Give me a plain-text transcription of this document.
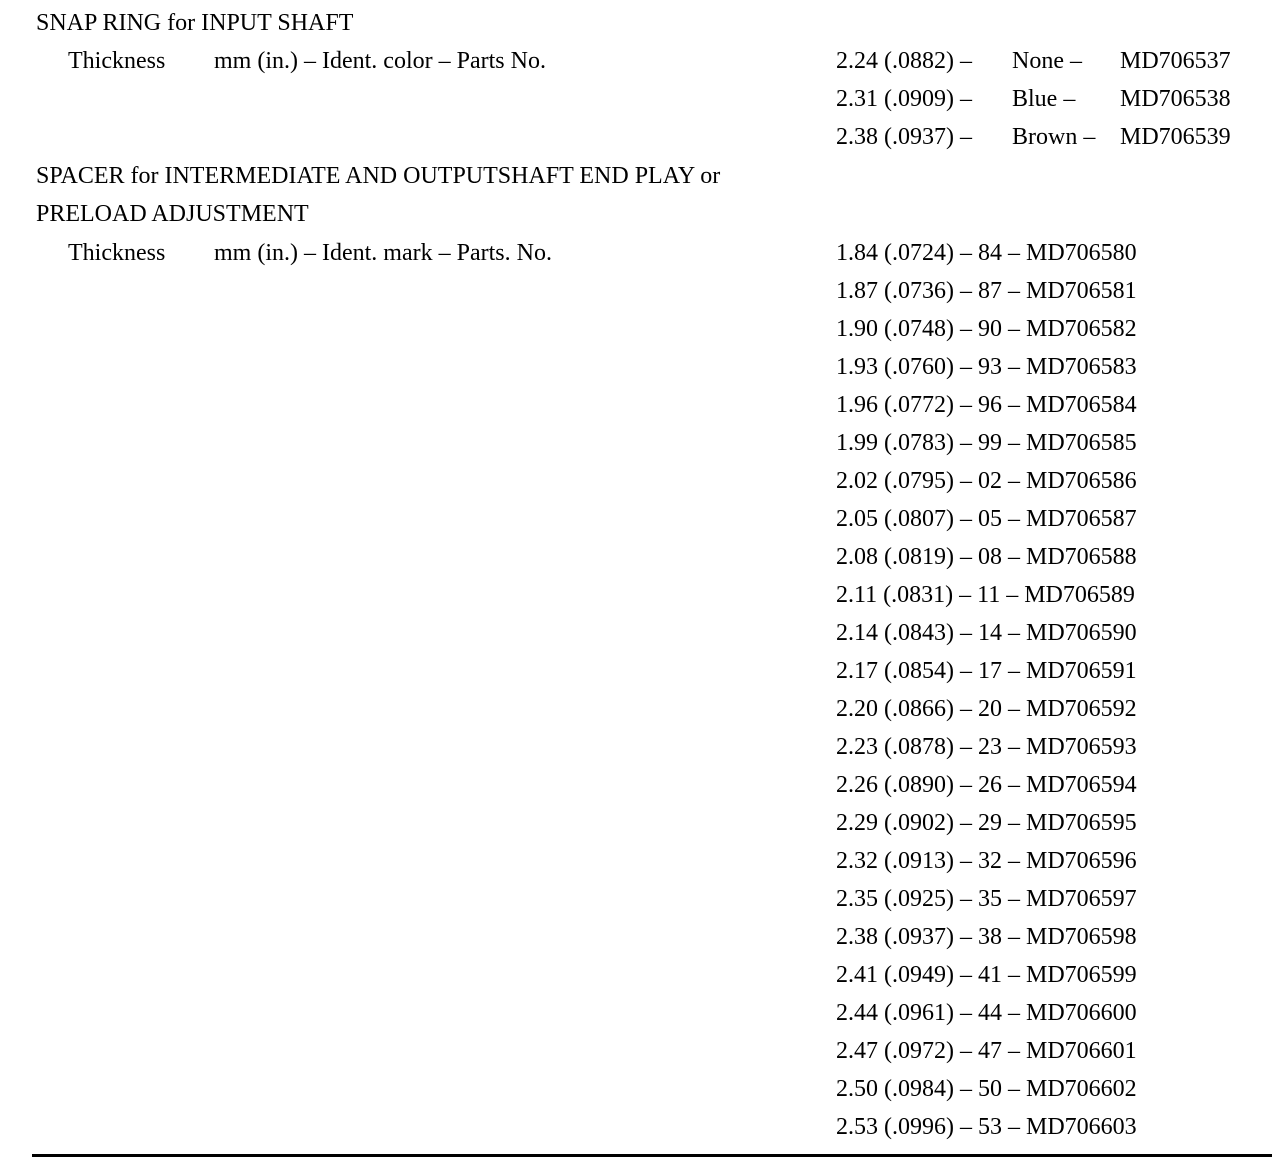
SNAP RING for INPUT SHAFT
Thickness mm (in.) – Ident. color – Parts No.	2.24 (.0882) – None – MD706537
2.31 (.0909) – Blue – MD706538
2.38 (.0937) – Brown – MD706539
SPACER for INTERMEDIATE AND OUTPUTSHAFT END PLAY or
PRELOAD ADJUSTMENT
Thickness mm (in.) – Ident. mark – Parts. No.	1.84 (.0724) – 84 – MD706580
1.87 (.0736) – 87 – MD706581
1.90 (.0748) – 90 – MD706582
1.93 (.0760) – 93 – MD706583
1.96 (.0772) – 96 – MD706584
1.99 (.0783) – 99 – MD706585
2.02 (.0795) – 02 – MD706586
2.05 (.0807) – 05 – MD706587
2.08 (.0819) – 08 – MD706588
2.11 (.0831) – 11 – MD706589
2.14 (.0843) – 14 – MD706590
2.17 (.0854) – 17 – MD706591
2.20 (.0866) – 20 – MD706592
2.23 (.0878) – 23 – MD706593
2.26 (.0890) – 26 – MD706594
2.29 (.0902) – 29 – MD706595
2.32 (.0913) – 32 – MD706596
2.35 (.0925) – 35 – MD706597
2.38 (.0937) – 38 – MD706598
2.41 (.0949) – 41 – MD706599
2.44 (.0961) – 44 – MD706600
2.47 (.0972) – 47 – MD706601
2.50 (.0984) – 50 – MD706602
2.53 (.0996) – 53 – MD706603
